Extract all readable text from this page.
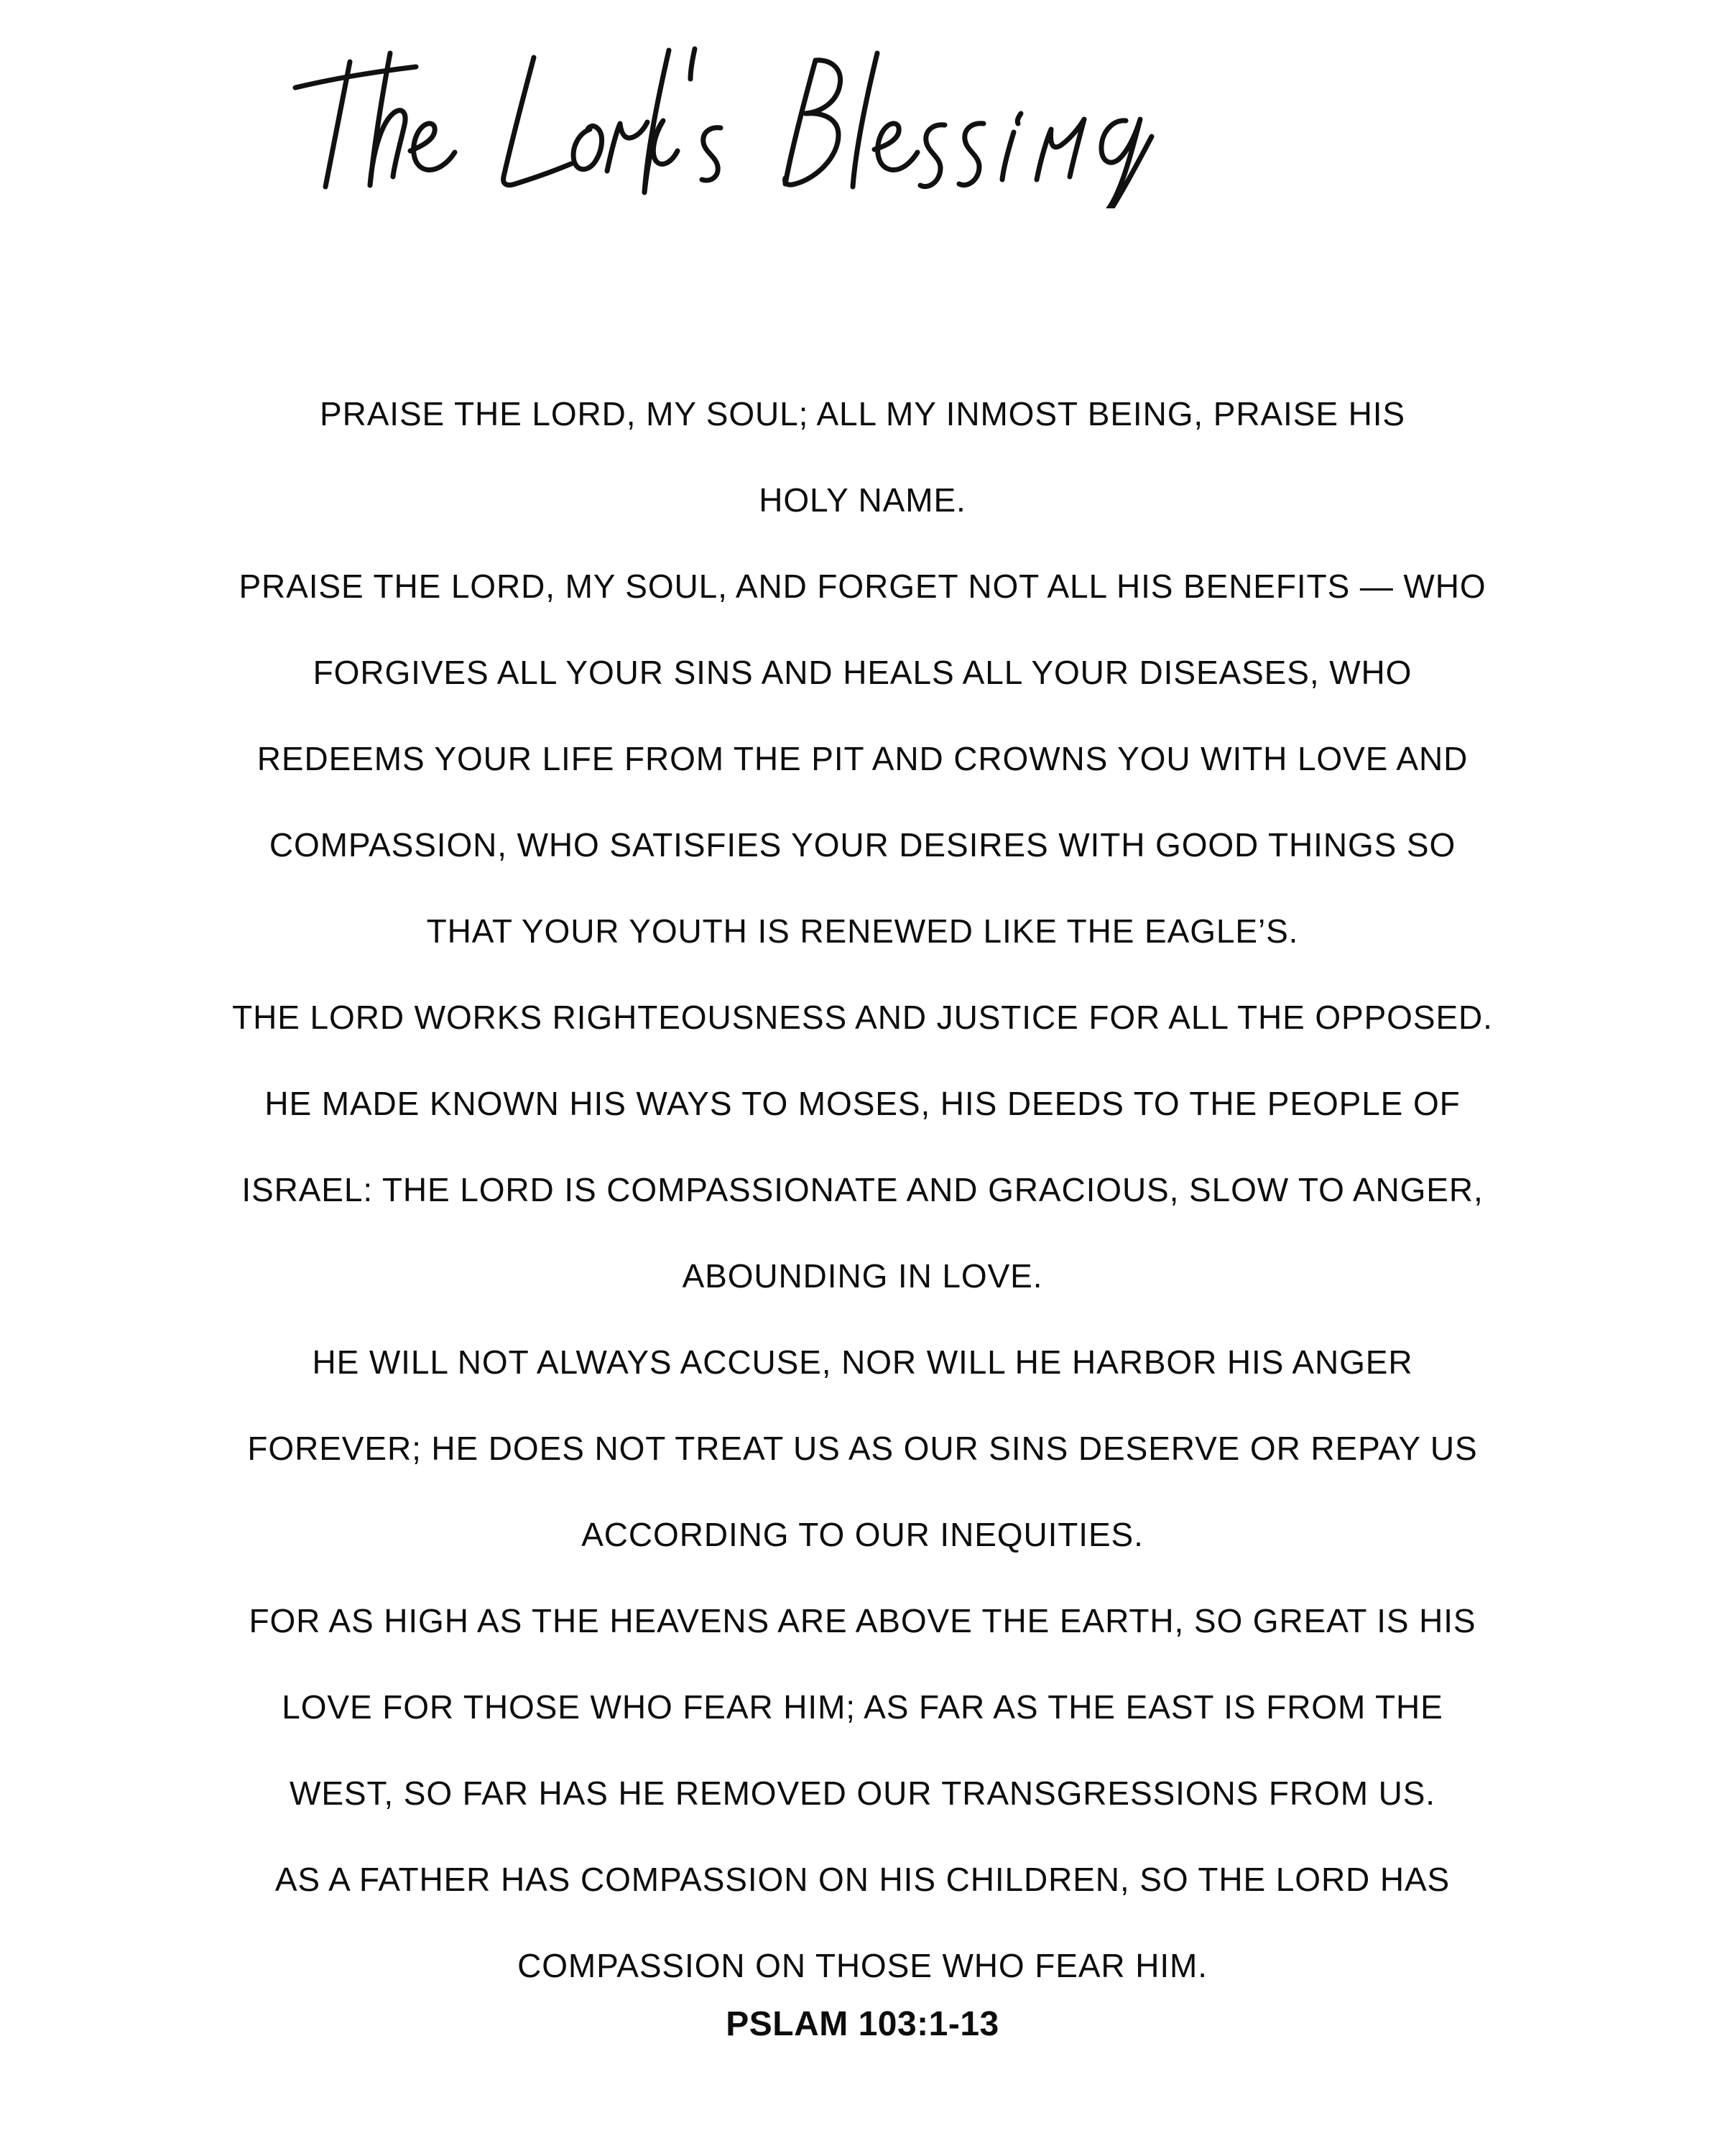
PRAISE THE LORD, MY SOUL; ALL MY INMOST BEING, PRAISE HIS
HOLY NAME.
PRAISE THE LORD, MY SOUL, AND FORGET NOT ALL HIS BENEFITS — WHO
FORGIVES ALL YOUR SINS AND HEALS ALL YOUR DISEASES, WHO
REDEEMS YOUR LIFE FROM THE PIT AND CROWNS YOU WITH LOVE AND
COMPASSION, WHO SATISFIES YOUR DESIRES WITH GOOD THINGS SO
THAT YOUR YOUTH IS RENEWED LIKE THE EAGLE’S.
THE LORD WORKS RIGHTEOUSNESS AND JUSTICE FOR ALL THE OPPOSED.
HE MADE KNOWN HIS WAYS TO MOSES, HIS DEEDS TO THE PEOPLE OF
ISRAEL: THE LORD IS COMPASSIONATE AND GRACIOUS, SLOW TO ANGER,
ABOUNDING IN LOVE.
HE WILL NOT ALWAYS ACCUSE, NOR WILL HE HARBOR HIS ANGER
FOREVER; HE DOES NOT TREAT US AS OUR SINS DESERVE OR REPAY US
ACCORDING TO OUR INEQUITIES.
FOR AS HIGH AS THE HEAVENS ARE ABOVE THE EARTH, SO GREAT IS HIS
LOVE FOR THOSE WHO FEAR HIM; AS FAR AS THE EAST IS FROM THE
WEST, SO FAR HAS HE REMOVED OUR TRANSGRESSIONS FROM US.
AS A FATHER HAS COMPASSION ON HIS CHILDREN, SO THE LORD HAS
COMPASSION ON THOSE WHO FEAR HIM.
PSLAM 103:1-13
